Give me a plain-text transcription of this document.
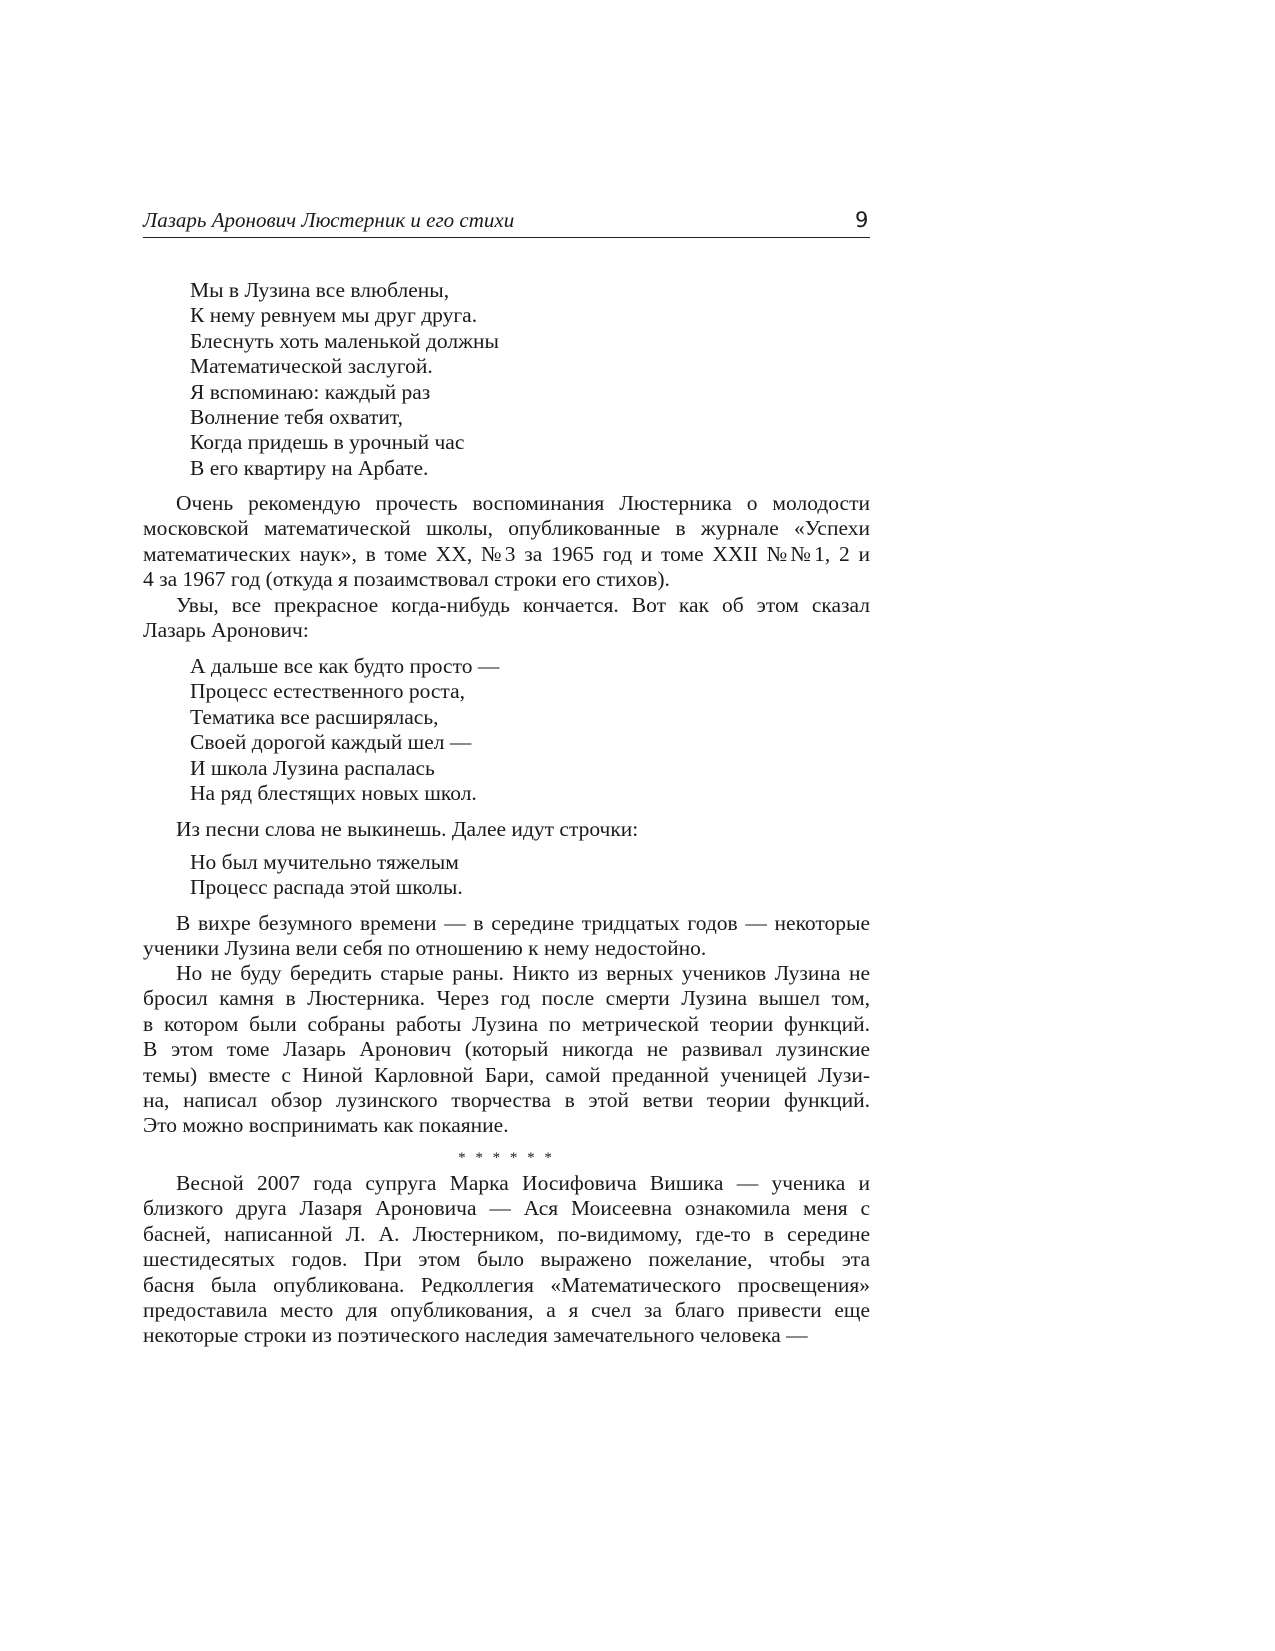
Лазарь Аронович Люстерник и его стихи	9
Мы в Лузина все влюблены,
К нему ревнуем мы друг друга.
Блеснуть хоть маленькой должны
Математической заслугой.
Я вспоминаю: каждый раз
Волнение тебя охватит,
Когда придешь в урочный час
В его квартиру на Арбате.
Очень рекомендую прочесть воспоминания Люстерника о молодости
московской математической школы, опубликованные в журнале «Успехи
математических наук», в томе XX, №3 за 1965 год и томе XXII №№1, 2 и
4 за 1967 год (откуда я позаимствовал строки его стихов).
Увы, все прекрасное когда-нибудь кончается. Вот как об этом сказал
Лазарь Аронович:
А дальше все как будто просто —
Процесс естественного роста,
Тематика все расширялась,
Своей дорогой каждый шел —
И школа Лузина распалась
На ряд блестящих новых школ.
Из песни слова не выкинешь. Далее идут строчки:
Но был мучительно тяжелым
Процесс распада этой школы.
В вихре безумного времени — в середине тридцатых годов — некоторые
ученики Лузина вели себя по отношению к нему недостойно.
Но не буду бередить старые раны. Никто из верных учеников Лузина не
бросил камня в Люстерника. Через год после смерти Лузина вышел том,
в котором были собраны работы Лузина по метрической теории функций.
В этом томе Лазарь Аронович (который никогда не развивал лузинские
темы) вместе с Ниной Карловной Бари, самой преданной ученицей Лузи-
на, написал обзор лузинского творчества в этой ветви теории функций.
Это можно воспринимать как покаяние.
* * * * * *
Весной 2007 года супруга Марка Иосифовича Вишика — ученика и
близкого друга Лазаря Ароновича — Ася Моисеевна ознакомила меня с
басней, написанной Л. А. Люстерником, по-видимому, где-то в середине
шестидесятых годов. При этом было выражено пожелание, чтобы эта
басня была опубликована. Редколлегия «Математического просвещения»
предоставила место для опубликования, а я счел за благо привести еще
некоторые строки из поэтического наследия замечательного человека —
